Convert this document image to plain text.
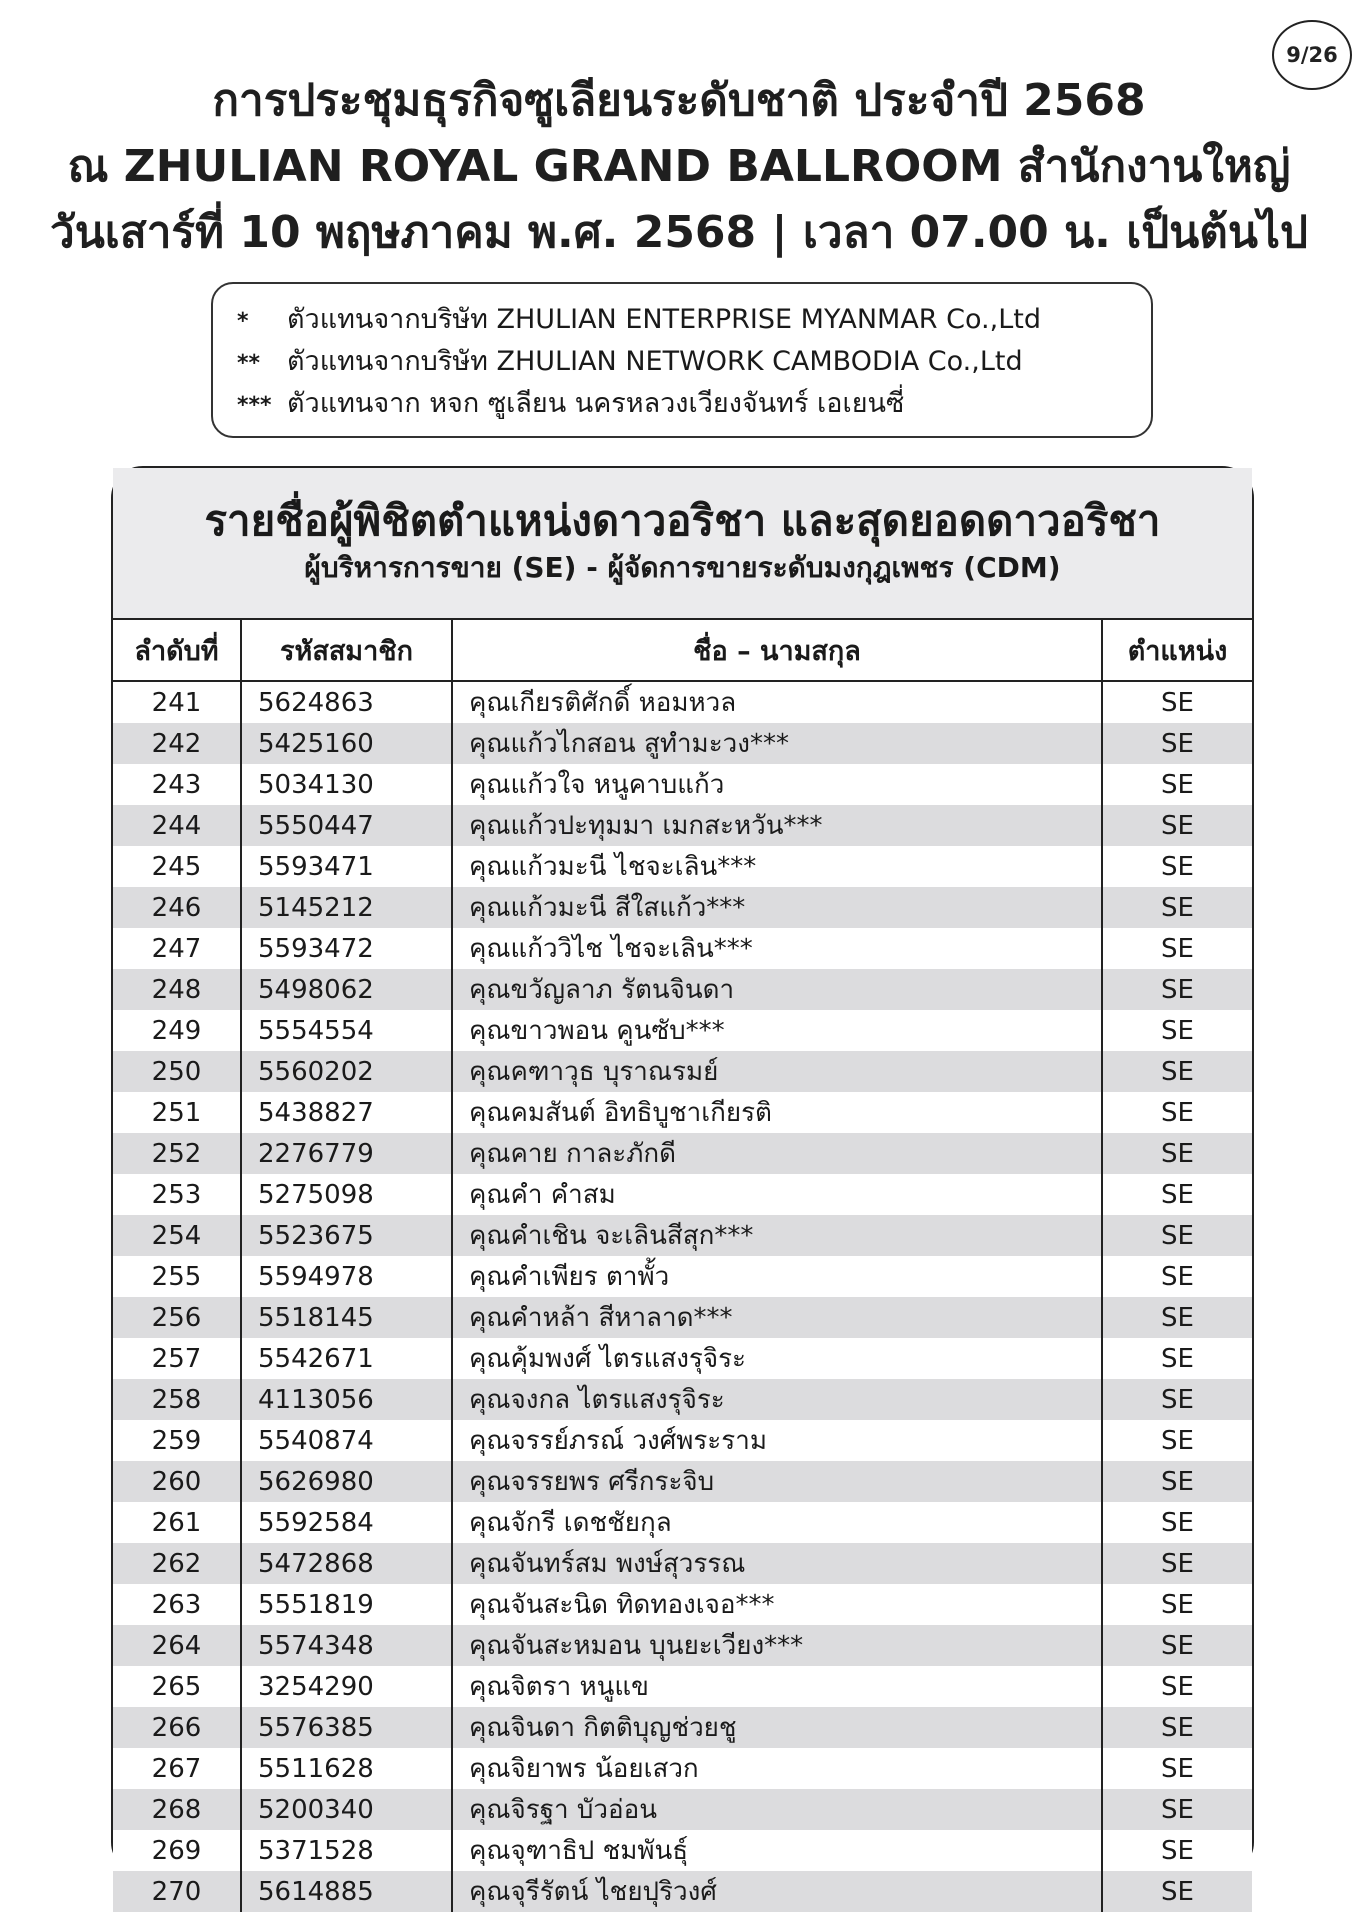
9/26
การประชุมธุรกิจซูเลียนระดับชาติ ประจำปี 2568
ณ ZHULIAN ROYAL GRAND BALLROOM สำนักงานใหญ่
วันเสาร์ที่ 10 พฤษภาคม พ.ศ. 2568 | เวลา 07.00 น. เป็นต้นไป
*	ตัวแทนจากบริษัท ZHULIAN ENTERPRISE MYANMAR Co.,Ltd
** ตัวแทนจากบริษัท ZHULIAN NETWORK CAMBODIA Co.,Ltd
*** ตัวแทนจาก หจก ซูเลียน นครหลวงเวียงจันทร์ เอเยนซี่
รายชื่อผู้พิชิตตำแหน่งดาวอริชา และสุดยอดดาวอริชา
ผู้บริหารการขาย (SE) - ผู้จัดการขายระดับมงกุฎเพชร (CDM)
ลำดับที่	รหัสสมาชิก	ชื่อ – นามสกุล	ตำแหน่ง
241	5624863	คุณเกียรติศักดิ์ หอมหวล	SE
242	5425160	คุณแก้วไกสอน สูทำมะวง***	SE
243	5034130	คุณแก้วใจ หนูคาบแก้ว	SE
244	5550447	คุณแก้วปะทุมมา เมกสะหวัน***	SE
245	5593471	คุณแก้วมะนี ไชจะเลิน***	SE
246	5145212	คุณแก้วมะนี สีใสแก้ว***	SE
247	5593472	คุณแก้ววิไช ไชจะเลิน***	SE
248	5498062	คุณขวัญลาภ รัตนจินดา	SE
249	5554554	คุณขาวพอน คูนซับ***	SE
250	5560202	คุณคฑาวุธ บุราณรมย์	SE
251	5438827	คุณคมสันต์ อิทธิบูชาเกียรติ	SE
252	2276779	คุณคาย กาละภักดี	SE
253	5275098	คุณคำ คำสม	SE
254	5523675	คุณคำเชิน จะเลินสีสุก***	SE
255	5594978	คุณคำเพียร ตาพั้ว	SE
256	5518145	คุณคำหล้า สีหาลาด***	SE
257	5542671	คุณคุ้มพงศ์ ไตรแสงรุจิระ	SE
258	4113056	คุณจงกล ไตรแสงรุจิระ	SE
259	5540874	คุณจรรย์ภรณ์ วงศ์พระราม	SE
260	5626980	คุณจรรยพร ศรีกระจิบ	SE
261	5592584	คุณจักรี เดชชัยกุล	SE
262	5472868	คุณจันทร์สม พงษ์สุวรรณ	SE
263	5551819	คุณจันสะนิด ทิดทองเจอ***	SE
264	5574348	คุณจันสะหมอน บุนยะเวียง***	SE
265	3254290	คุณจิตรา หนูแข	SE
266	5576385	คุณจินดา กิตติบุญช่วยชู	SE
267	5511628	คุณจิยาพร น้อยเสวก	SE
268	5200340	คุณจิรฐา บัวอ่อน	SE
269	5371528	คุณจุฑาธิป ชมพันธุ์	SE
270	5614885	คุณจุรีรัตน์ ไชยปุริวงศ์	SE
